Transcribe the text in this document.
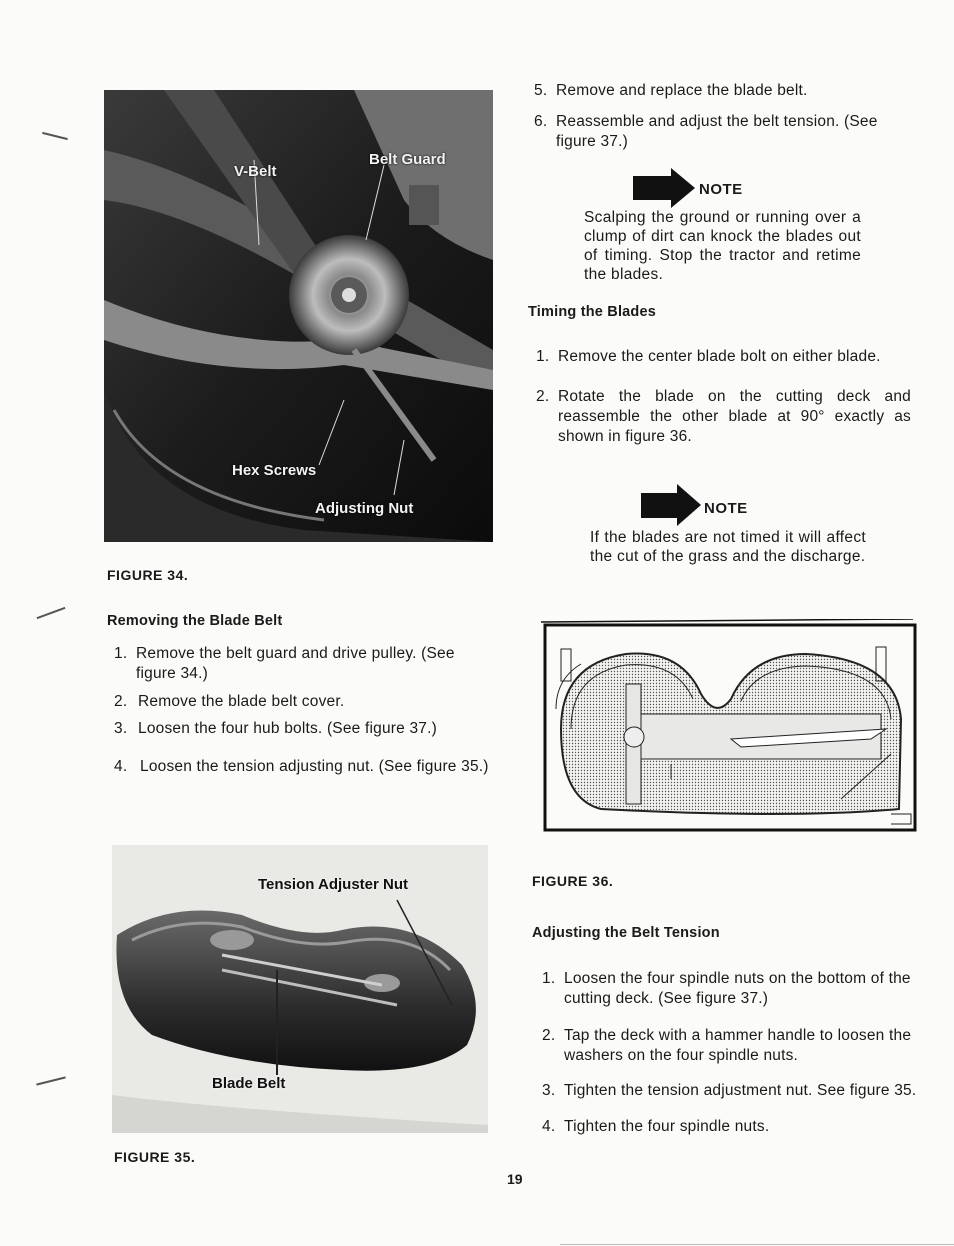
V-Belt
Belt Guard
Hex Screws
Adjusting Nut
FIGURE 34.
Removing the Blade Belt
1. Remove the belt guard and drive pulley. (See figure 34.)
2. Remove the blade belt cover.
3. Loosen the four hub bolts. (See figure 37.)
4. Loosen the tension adjusting nut. (See figure 35.)
Tension Adjuster Nut
Blade Belt
FIGURE 35.
5. Remove and replace the blade belt.
6. Reassemble and adjust the belt tension. (See figure 37.)
NOTE
Scalping the ground or running over a clump of dirt can knock the blades out of timing. Stop the tractor and retime the blades.
Timing the Blades
1. Remove the center blade bolt on either blade.
2. Rotate the blade on the cutting deck and reassemble the other blade at 90° exactly as shown in figure 36.
NOTE
If the blades are not timed it will affect the cut of the grass and the discharge.
FIGURE 36.
Adjusting the Belt Tension
1. Loosen the four spindle nuts on the bottom of the cutting deck. (See figure 37.)
2. Tap the deck with a hammer handle to loosen the washers on the four spindle nuts.
3. Tighten the tension adjustment nut. See figure 35.
4. Tighten the four spindle nuts.
19
